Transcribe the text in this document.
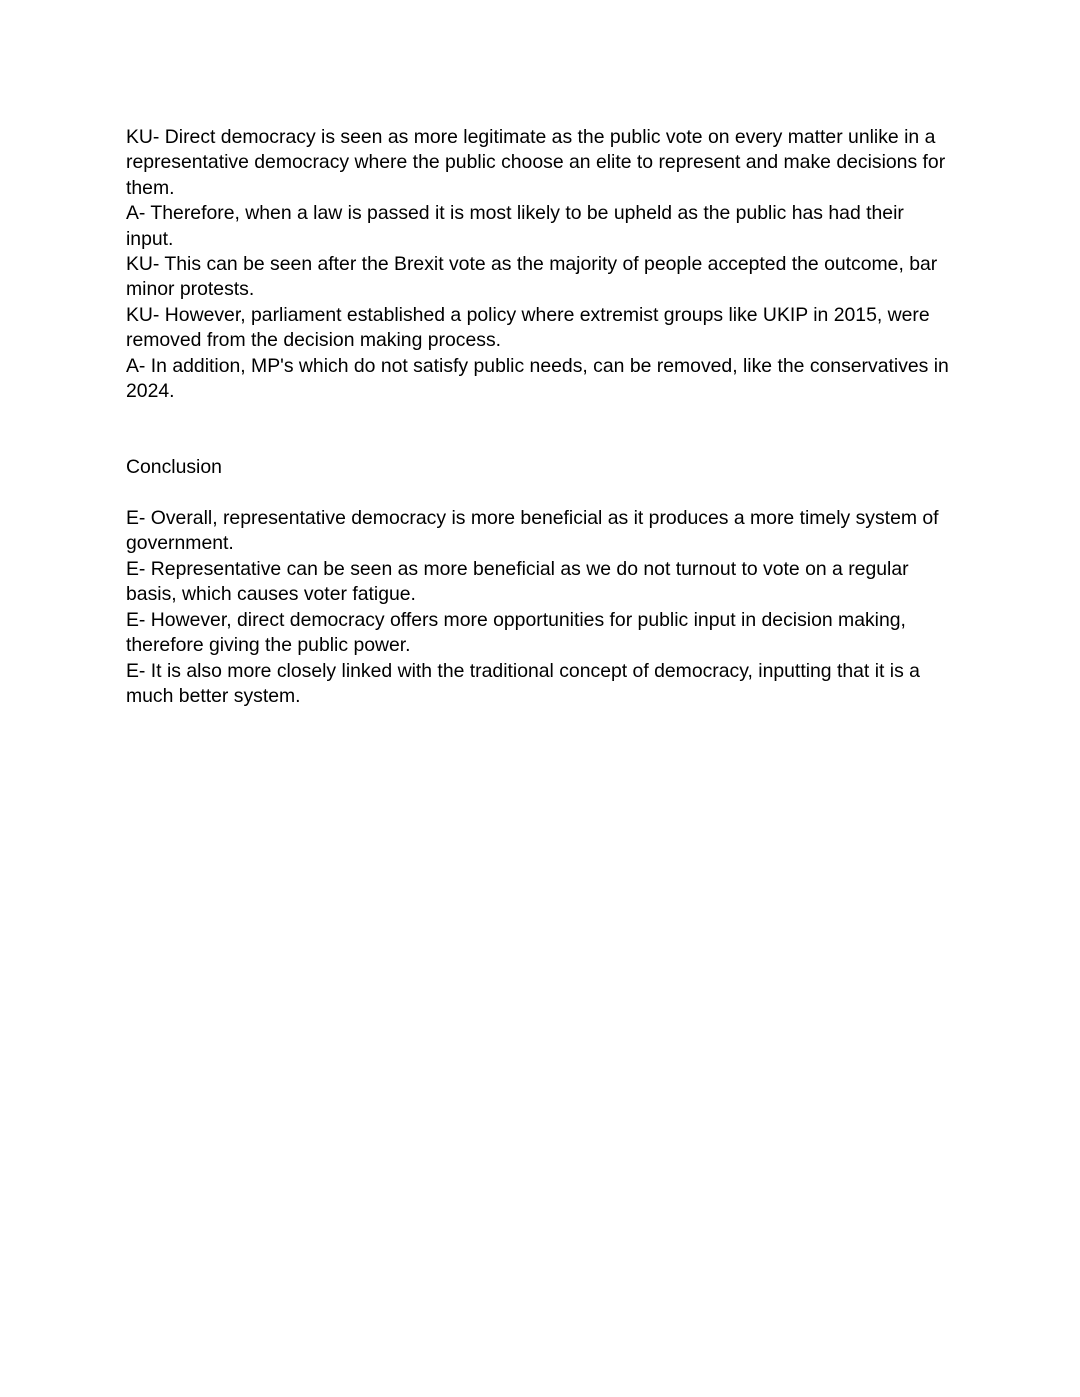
KU- Direct democracy is seen as more legitimate as the public vote on every matter unlike in a representative democracy where the public choose an elite to represent and make decisions for them.

A- Therefore, when a law is passed it is most likely to be upheld as the public has had their input.

KU- This can be seen after the Brexit vote as the majority of people accepted the outcome, bar minor protests.

KU- However, parliament established a policy where extremist groups like UKIP in 2015, were removed from the decision making process.

A- In addition, MP's which do not satisfy public needs, can be removed, like the conservatives in 2024.

Conclusion

E- Overall, representative democracy is more beneficial as it produces a more timely system of government.

E- Representative can be seen as more beneficial as we do not turnout to vote on a regular basis, which causes voter fatigue.

E- However, direct democracy offers more opportunities for public input in decision making, therefore giving the public power.

E- It is also more closely linked with the traditional concept of democracy, inputting that it is a much better system.
